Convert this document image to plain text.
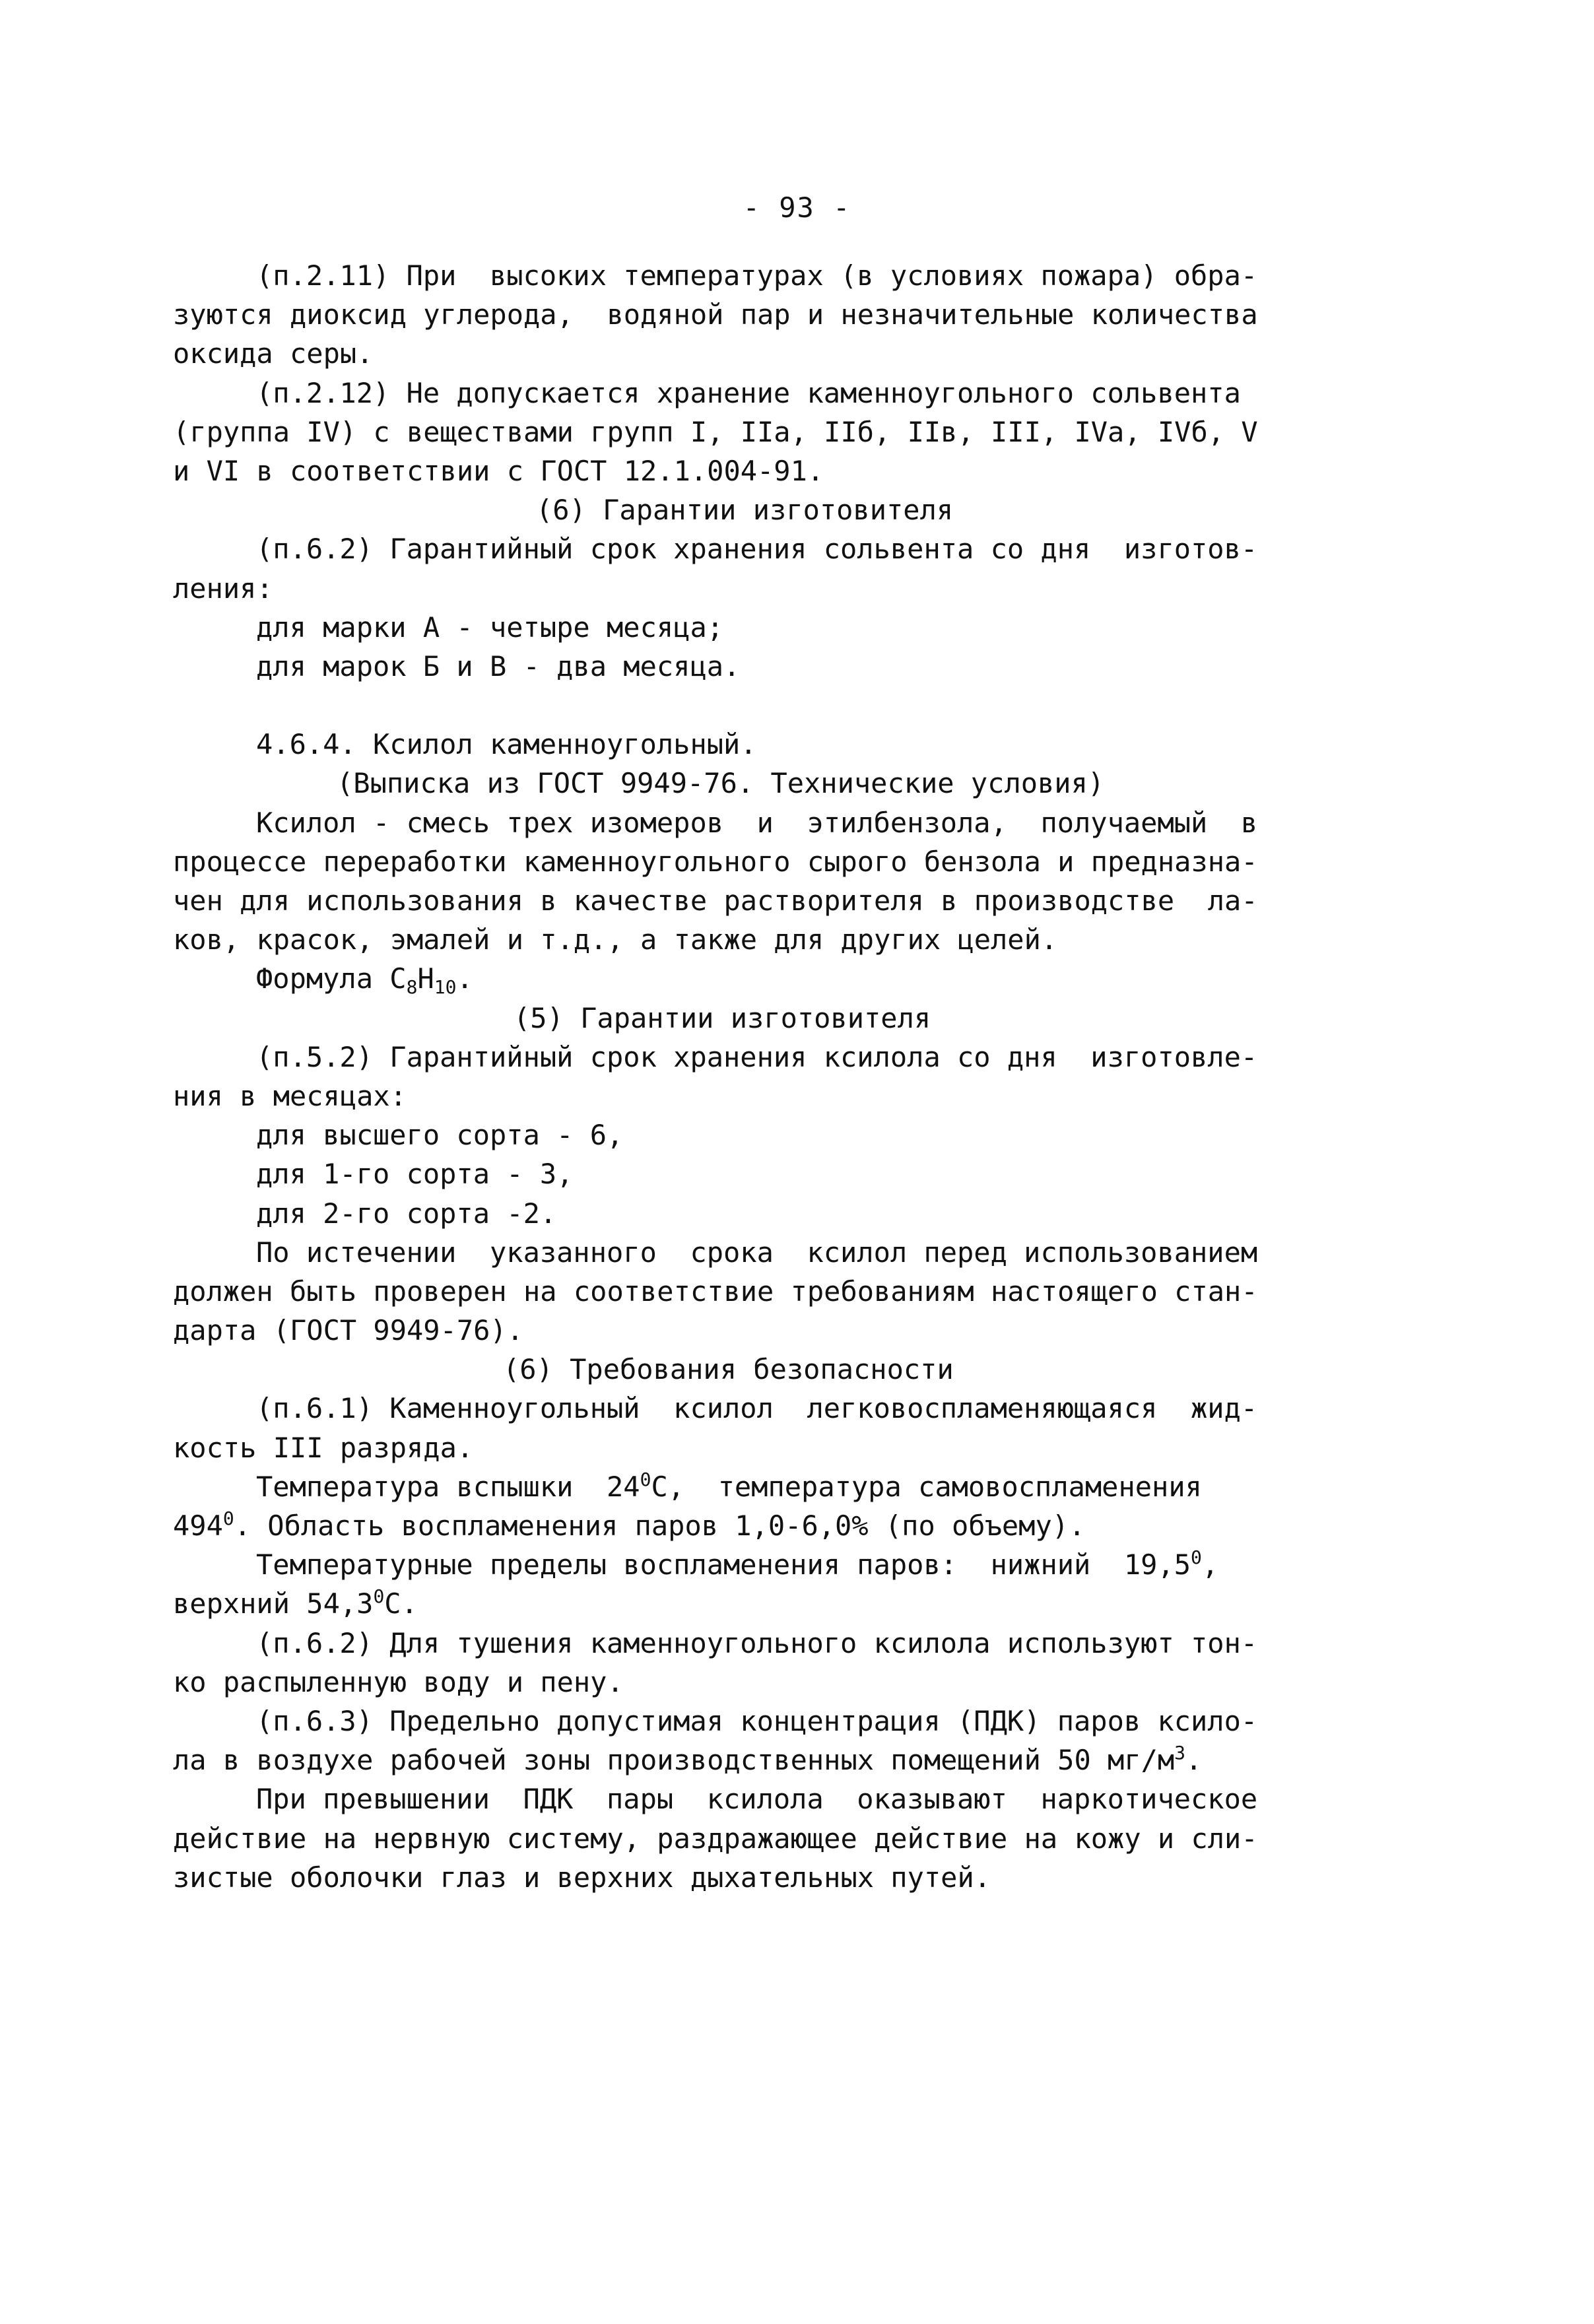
- 93 -
(п.2.11) При  высоких температурах (в условиях пожара) обра-
зуются диоксид углерода,  водяной пар и незначительные количества
оксида серы.
(п.2.12) Не допускается хранение каменноугольного сольвента
(группа IV) с веществами групп I, IIа, IIб, IIв, III, IVа, IVб, V
и VI в соответствии с ГОСТ 12.1.004-91.
(6) Гарантии изготовителя
(п.6.2) Гарантийный срок хранения сольвента со дня  изготов-
ления:
для марки А - четыре месяца;
для марок Б и В - два месяца.
4.6.4. Ксилол каменноугольный.
(Выписка из ГОСТ 9949-76. Технические условия)
Ксилол - смесь трех изомеров  и  этилбензола,  получаемый  в
процессе переработки каменноугольного сырого бензола и предназна-
чен для использования в качестве растворителя в производстве  ла-
ков, красок, эмалей и т.д., а также для других целей.
Формула $C_8H_{10}$.
(5) Гарантии изготовителя
(п.5.2) Гарантийный срок хранения ксилола со дня  изготовле-
ния в месяцах:
для высшего сорта - 6,
для 1-го сорта - 3,
для 2-го сорта -2.
По истечении  указанного  срока  ксилол перед использованием
должен быть проверен на соответствие требованиям настоящего стан-
дарта (ГОСТ 9949-76).
(6) Требования безопасности
(п.6.1) Каменноугольный  ксилол  легковоспламеняющаяся  жид-
кость III разряда.
Температура вспышки  $24^0С$,  температура самовоспламенения
$494^0$. Область воспламенения паров 1,0-6,0% (по объему).
Температурные пределы воспламенения паров:  нижний  19,5$^0$,
верхний 54,3$^0$С.
(п.6.2) Для тушения каменноугольного ксилола используют тон-
ко распыленную воду и пену.
(п.6.3) Предельно допустимая концентрация (ПДК) паров ксило-
ла в воздухе рабочей зоны производственных помещений 50 $мг/м^3$.
При превышении  ПДК  пары  ксилола  оказывают  наркотическое
действие на нервную систему, раздражающее действие на кожу и сли-
зистые оболочки глаз и верхних дыхательных путей.
